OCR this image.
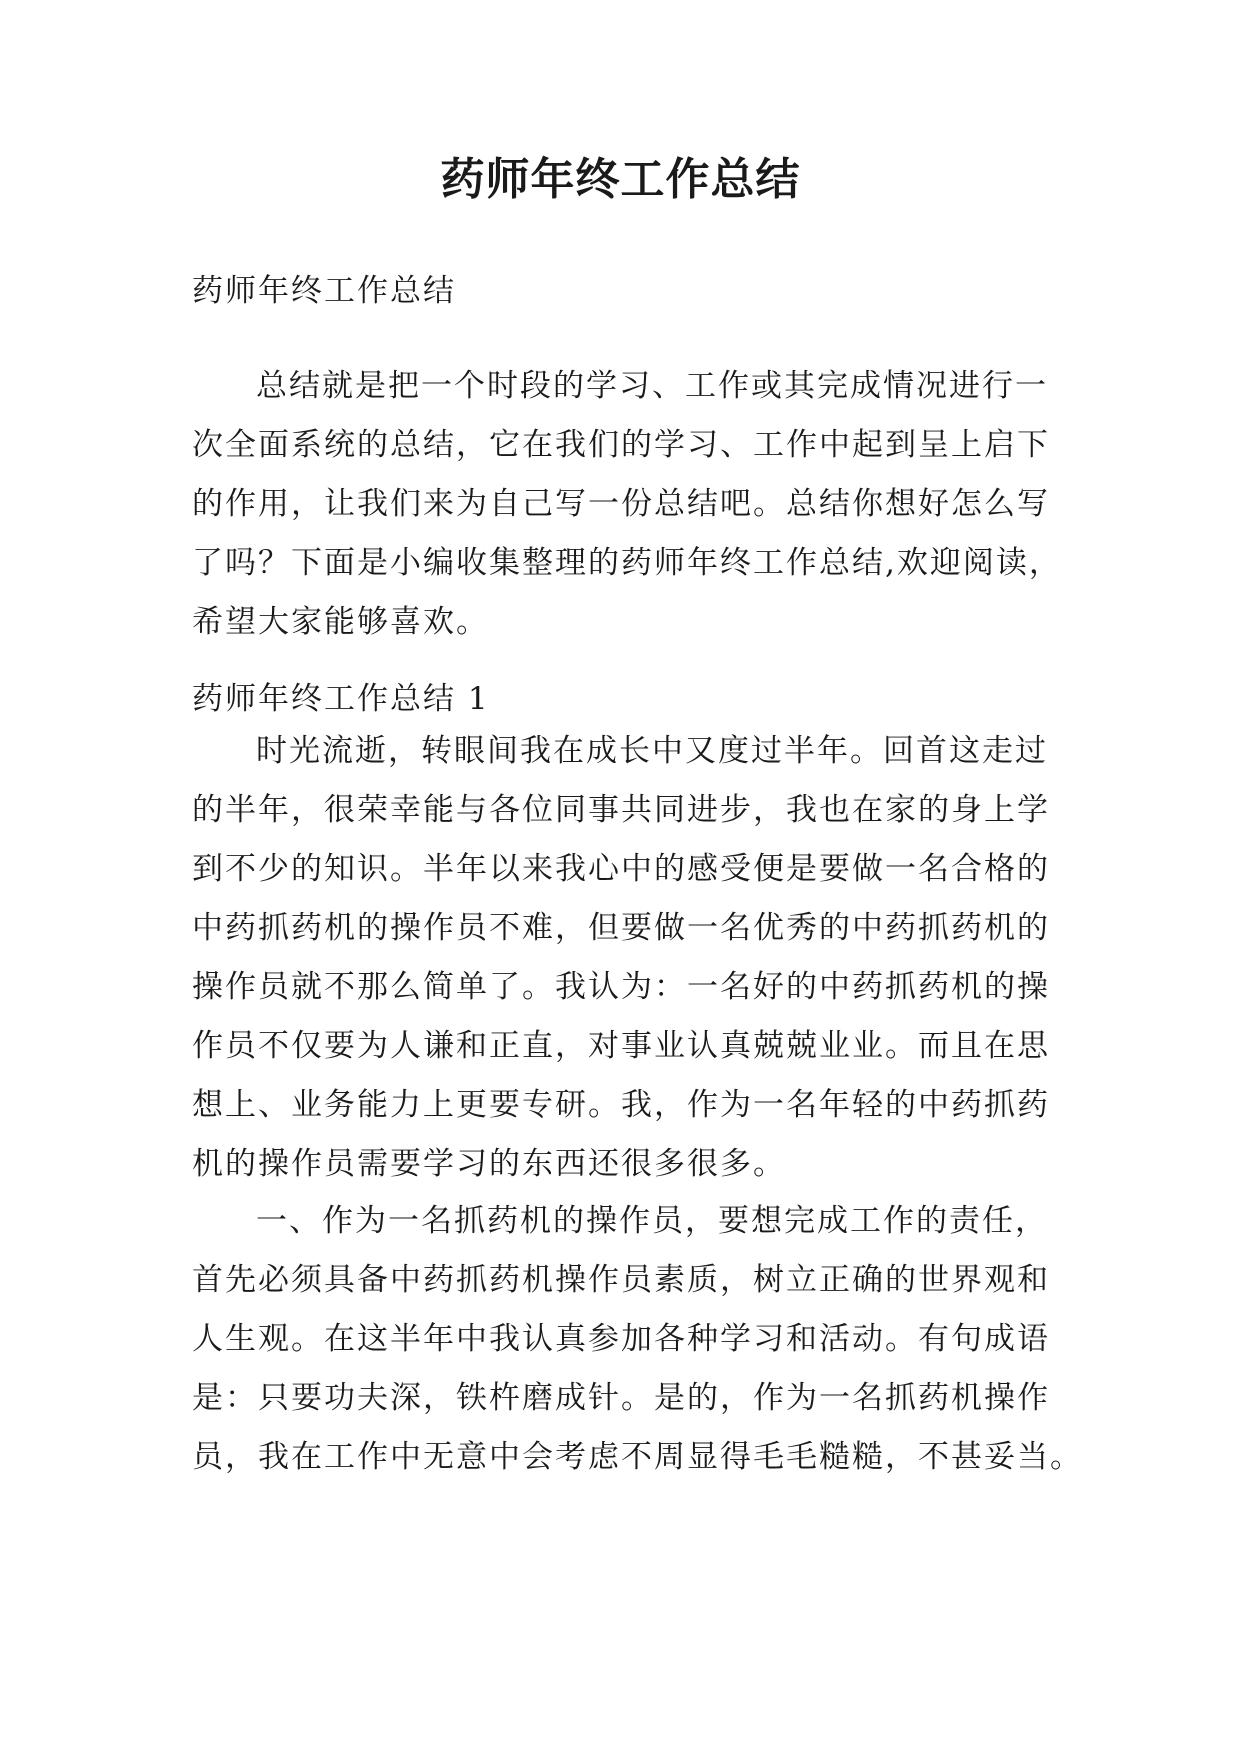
药师年终工作总结

药师年终工作总结

总结就是把一个时段的学习、工作或其完成情况进行一
次全面系统的总结，它在我们的学习、工作中起到呈上启下
的作用，让我们来为自己写一份总结吧。总结你想好怎么写
了吗？下面是小编收集整理的药师年终工作总结,欢迎阅读，
希望大家能够喜欢。

药师年终工作总结 1

时光流逝，转眼间我在成长中又度过半年。回首这走过
的半年，很荣幸能与各位同事共同进步，我也在家的身上学
到不少的知识。半年以来我心中的感受便是要做一名合格的
中药抓药机的操作员不难，但要做一名优秀的中药抓药机的
操作员就不那么简单了。我认为：一名好的中药抓药机的操
作员不仅要为人谦和正直，对事业认真兢兢业业。而且在思
想上、业务能力上更要专研。我，作为一名年轻的中药抓药
机的操作员需要学习的东西还很多很多。

一、作为一名抓药机的操作员，要想完成工作的责任，
首先必须具备中药抓药机操作员素质，树立正确的世界观和
人生观。在这半年中我认真参加各种学习和活动。有句成语
是：只要功夫深，铁杵磨成针。是的，作为一名抓药机操作
员，我在工作中无意中会考虑不周显得毛毛糙糙，不甚妥当。
